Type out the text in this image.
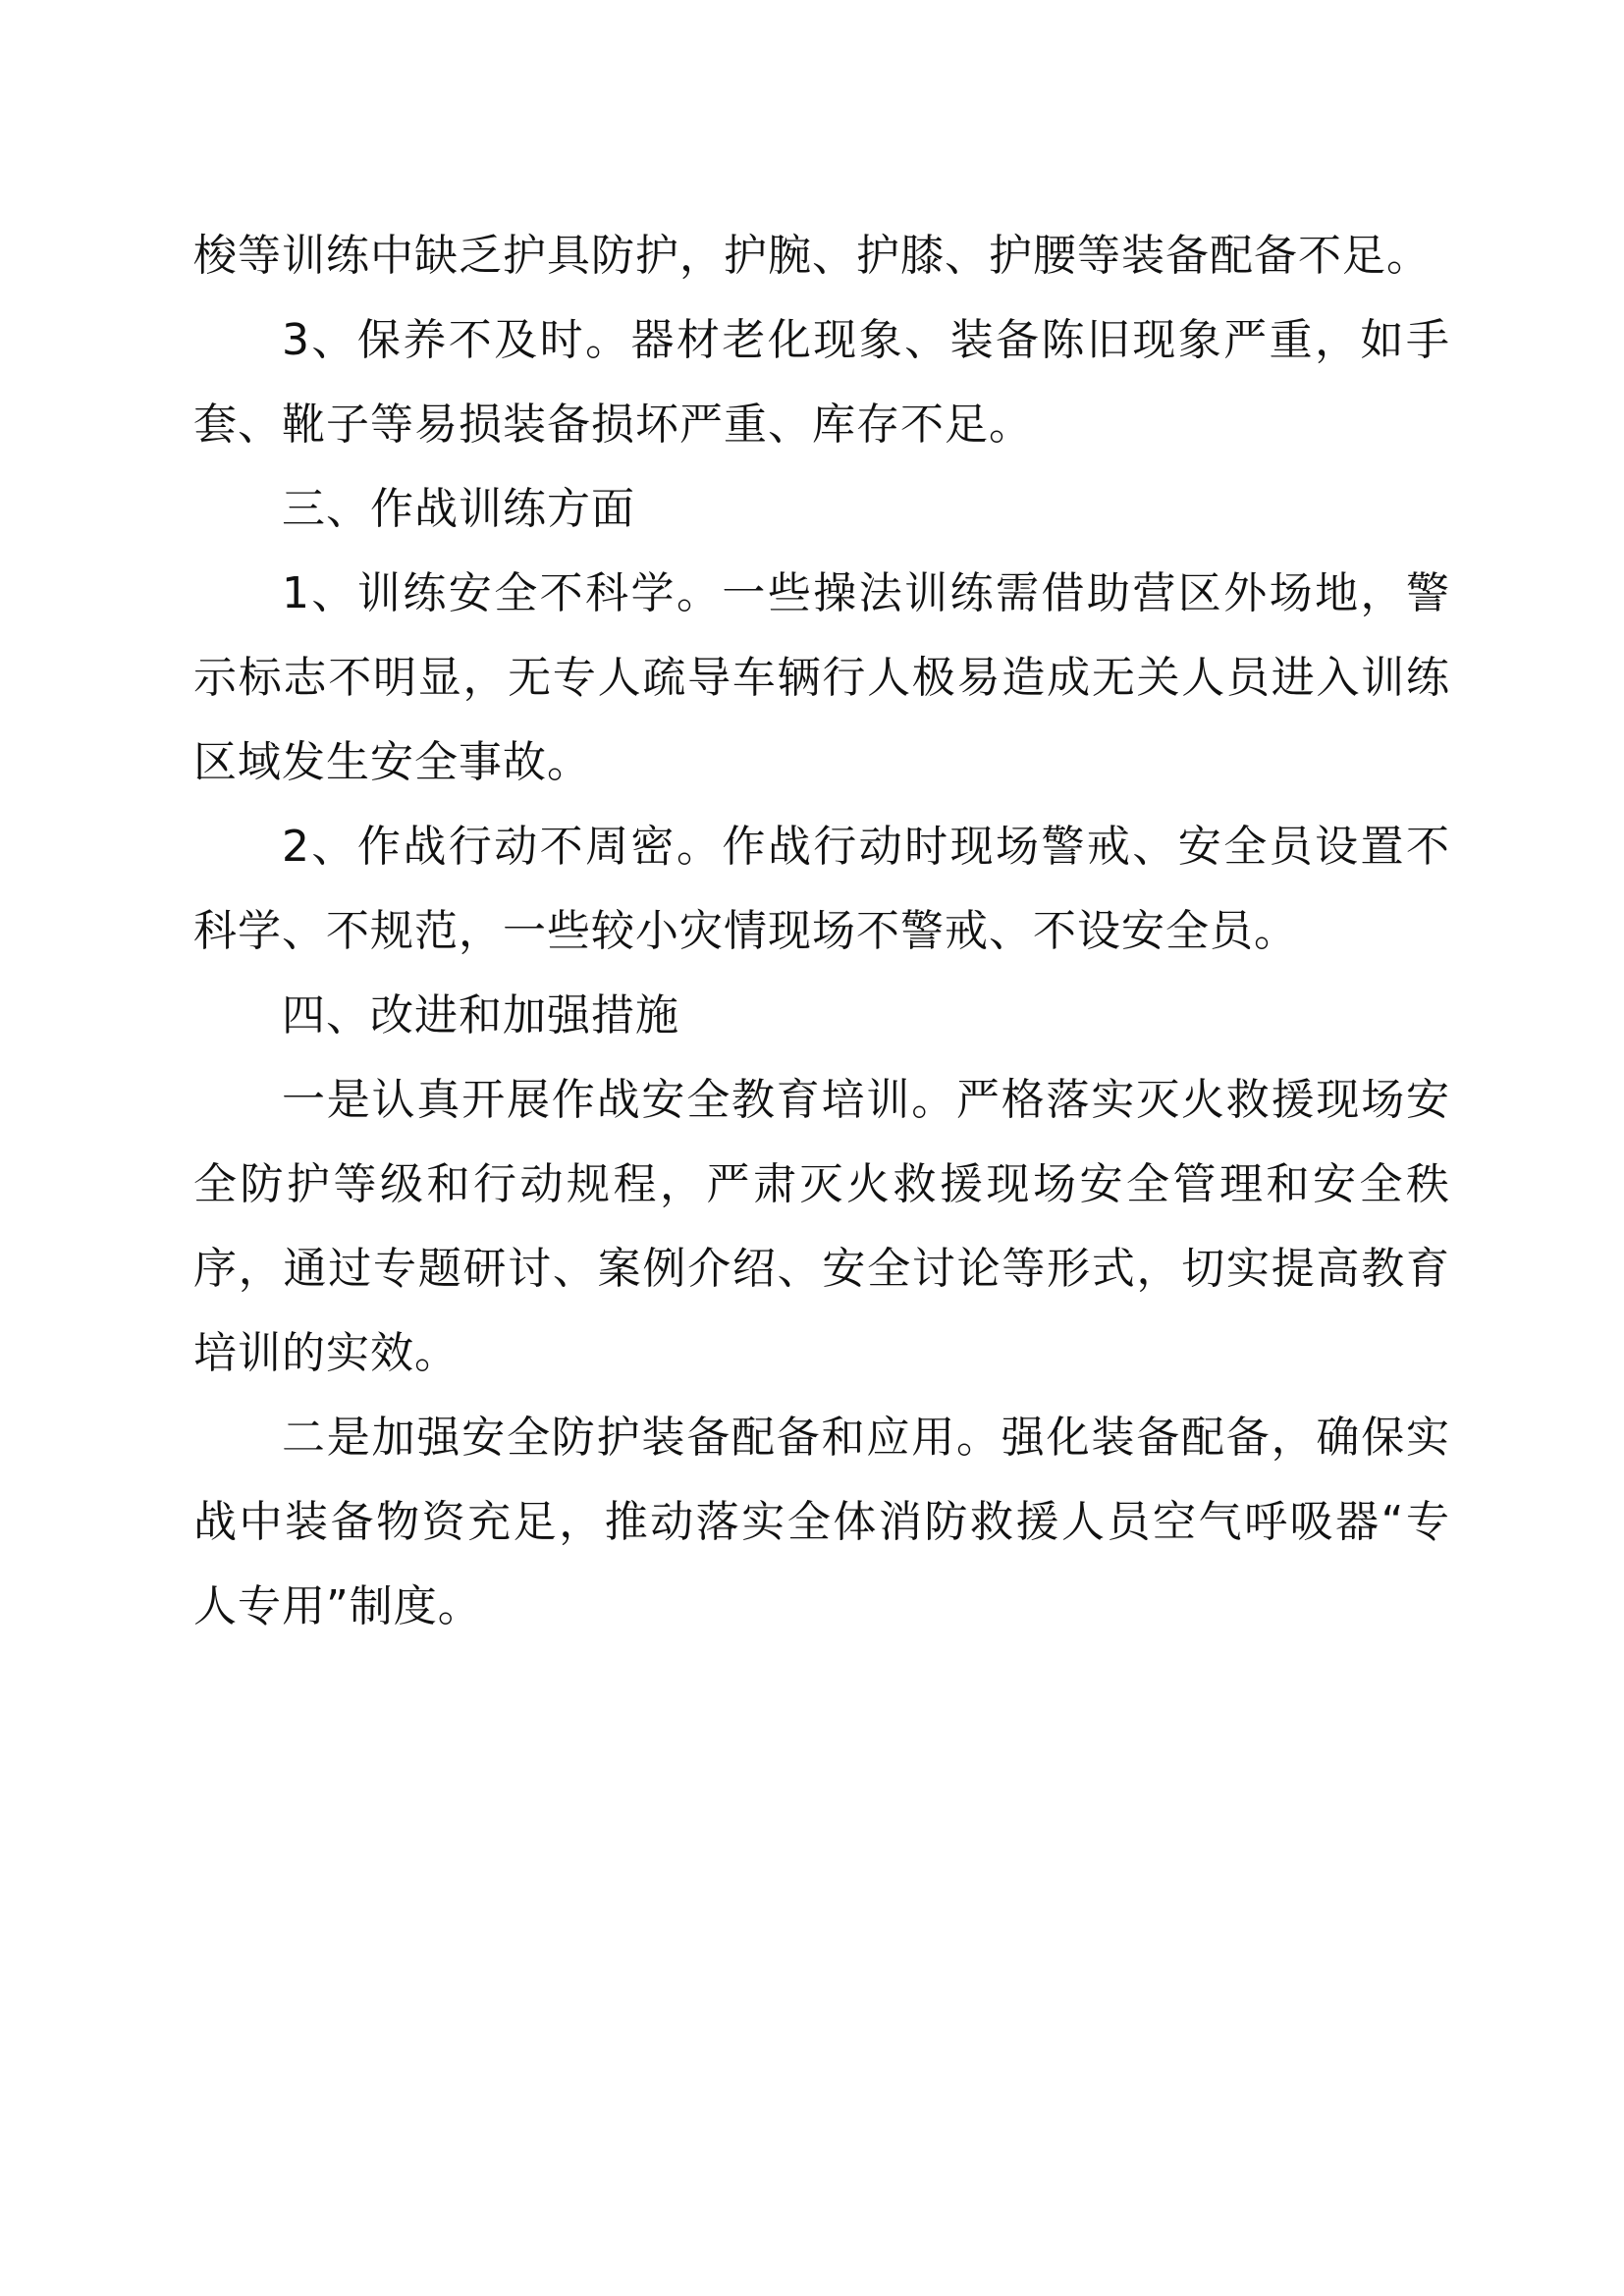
梭等训练中缺乏护具防护，护腕、护膝、护腰等装备配备不足。

3、保养不及时。器材老化现象、装备陈旧现象严重，如手套、靴子等易损装备损坏严重、库存不足。

三、作战训练方面

1、训练安全不科学。一些操法训练需借助营区外场地，警示标志不明显，无专人疏导车辆行人极易造成无关人员进入训练区域发生安全事故。

2、作战行动不周密。作战行动时现场警戒、安全员设置不科学、不规范，一些较小灾情现场不警戒、不设安全员。

四、改进和加强措施

一是认真开展作战安全教育培训。严格落实灭火救援现场安全防护等级和行动规程，严肃灭火救援现场安全管理和安全秩序，通过专题研讨、案例介绍、安全讨论等形式，切实提高教育培训的实效。

二是加强安全防护装备配备和应用。强化装备配备，确保实战中装备物资充足，推动落实全体消防救援人员空气呼吸器“专人专用”制度。
